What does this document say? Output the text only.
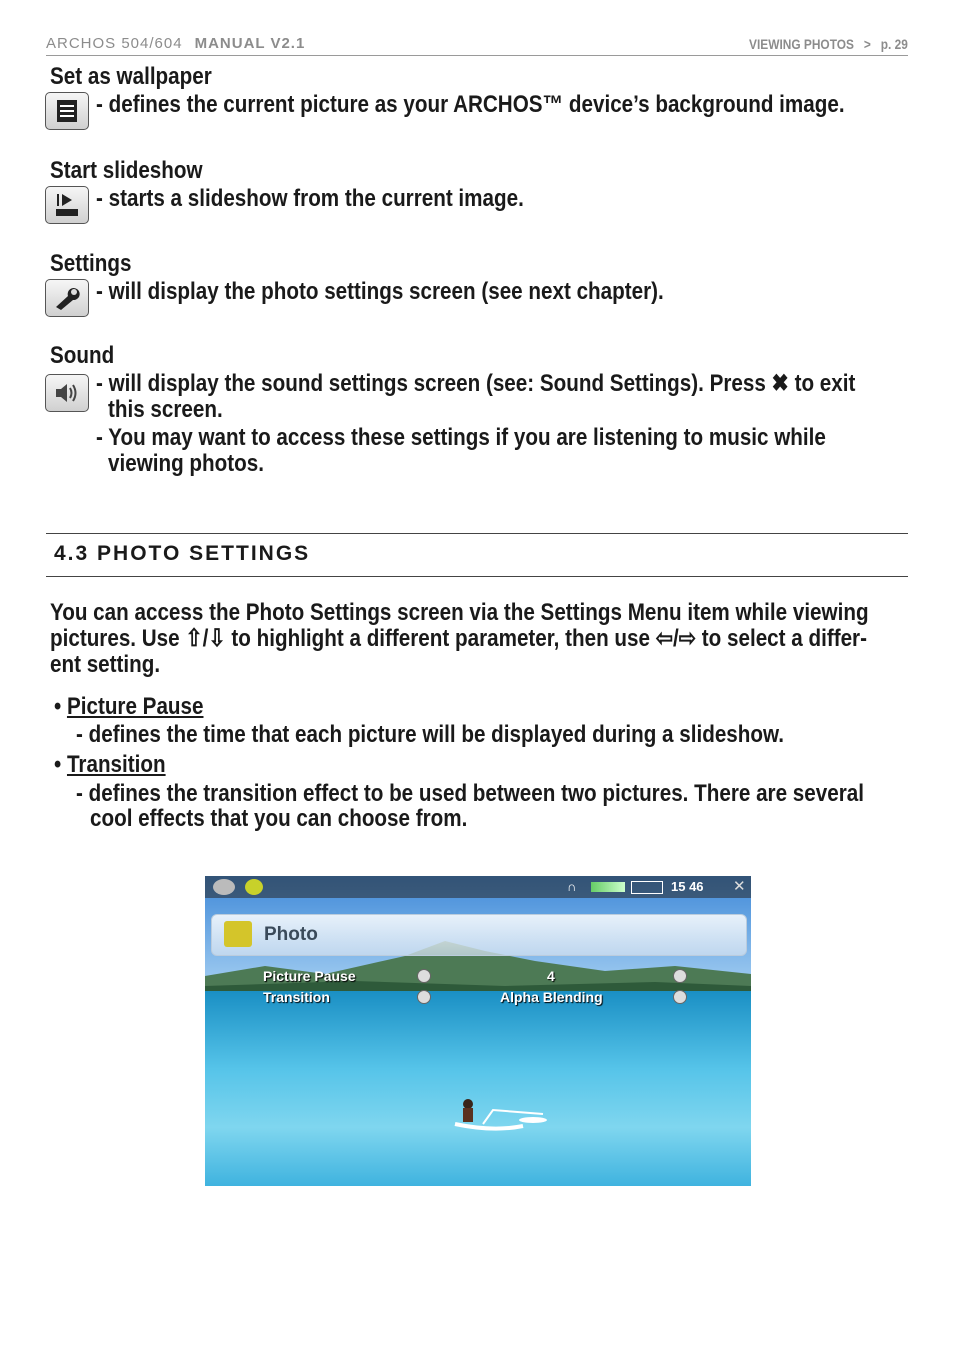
ARCHOS 504/604 MANUAL V2.1	VIEWING PHOTOS > p. 29
Set as wallpaper
- defines the current picture as your ARCHOS™ device’s background image.
Start slideshow
- starts a slideshow from the current image.
Settings
- will display the photo settings screen (see next chapter).
Sound
- will display the sound settings screen (see: Sound Settings). Press ✖ to exit
this screen.
- You may want to access these settings if you are listening to music while
viewing photos.
4.3 PHOTO SETTINGS
You can access the Photo Settings screen via the Settings Menu item while viewing
pictures. Use ⇧/⇩ to highlight a different parameter, then use ⇦/⇨ to select a differ-
ent setting.
• Picture Pause
- defines the time that each picture will be displayed during a slideshow.
• Transition
- defines the transition effect to be used between two pictures. There are several
cool effects that you can choose from.
∩	15 46 ✕
Photo
Picture Pause	4
Transition	Alpha Blending
